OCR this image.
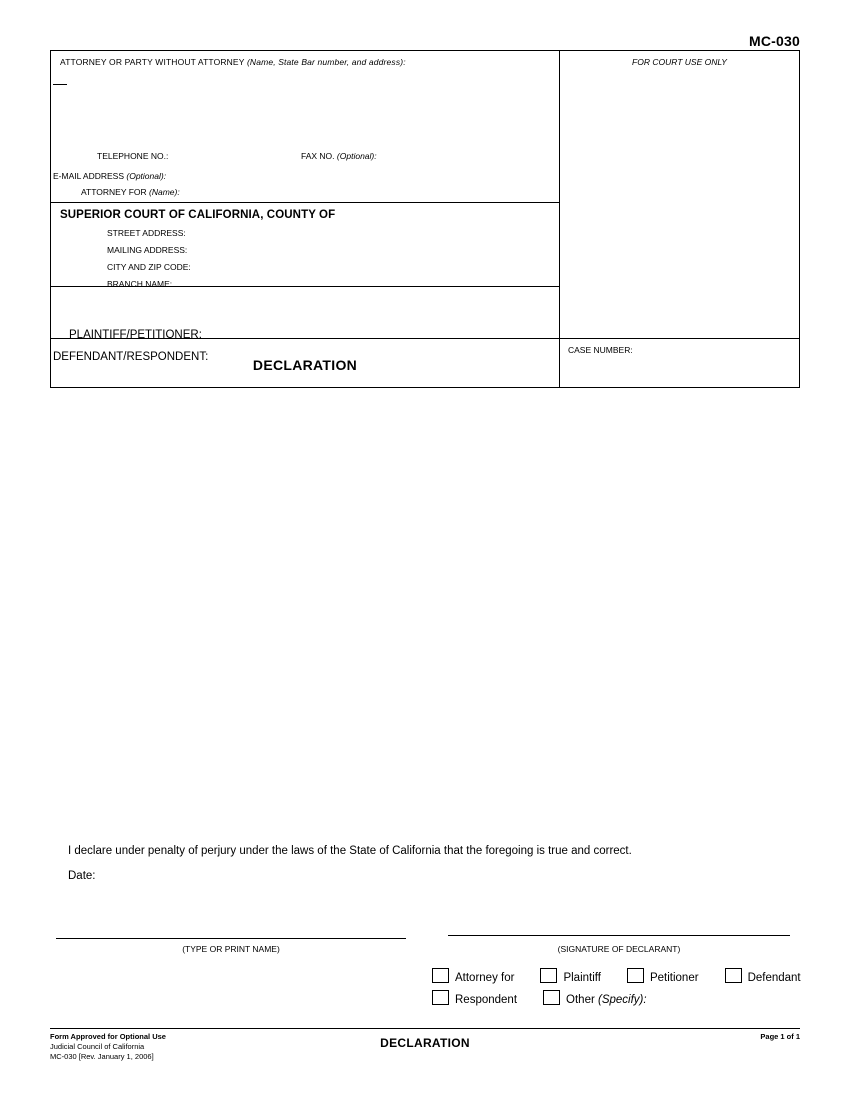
MC-030
ATTORNEY OR PARTY WITHOUT ATTORNEY (Name, State Bar number, and address):
TELEPHONE NO.:	FAX NO. (Optional):
E-MAIL ADDRESS (Optional):
ATTORNEY FOR (Name):
SUPERIOR COURT OF CALIFORNIA, COUNTY OF
STREET ADDRESS:
MAILING ADDRESS:
CITY AND ZIP CODE:
BRANCH NAME:
PLAINTIFF/PETITIONER:
DEFENDANT/RESPONDENT:	DECLARATION
FOR COURT USE ONLY
CASE NUMBER:
I declare under penalty of perjury under the laws of the State of California that the foregoing is true and correct.
Date:
(TYPE OR PRINT NAME)	(SIGNATURE OF DECLARANT)
Attorney for	Plaintiff	Petitioner	Defendant
Respondent	Other (Specify):
Form Approved for Optional Use
Judicial Council of California
MC-030 [Rev. January 1, 2006]
DECLARATION	Page 1 of 1
